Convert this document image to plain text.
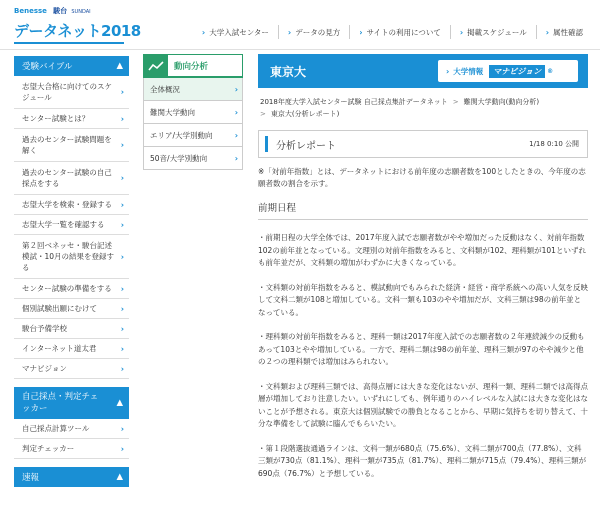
Benesse 駿台 SUNDAI
データネット2018	› 大学入試センター › データの見方 › サイトの利用について › 掲載スケジュール › 属性確認
受験バイブル	▲
志望大合格に向けてのスケジュール
›
センター試験とは？	›
過去のセンター試験問題を解く
›
過去のセンター試験の自己採点をする
›
志望大学を検索・登録する ›
志望大学一覧を確認する ›
第２回ベネッセ・駿台記述模試・10月の結果を登録する
›
センター試験の準備をする ›
個別試験出願にむけて	›
駿台予備学校	›
インターネット道太君	›
マナビジョン	›
自己採点・判定チェッカー
▲
自己採点計算ツール	›
判定チェッカー	›
速報	▲
動向分析
全体概況	›
難関大学動向	›
エリア/大学別動向	›
50音/大学別動向	›
東京大	› 大学情報	マナビジョン	®
2018年度大学入試センター試験 自己採点集計データネット > 難関大学動向(動向分析)
> 東京大(分析レポート)
分析レポート	1/18 0:10 公開
※「対前年指数」とは、データネットにおける前年度の志願者数を100としたときの、今年度の志願者数の割合を示す。
前期日程
・前期日程の大学全体では、2017年度入試で志願者数がやや増加だった反動はなく、対前年指数102の前年並となっている。文理別の対前年指数をみると、文科類が102、理科類が101といずれも前年並だが、文科類の増加がわずかに大きくなっている。
・文科類の対前年指数をみると、模試動向でもみられた経済・経営・商学系統への高い人気を反映して文科二類が108と増加している。文科一類も103のやや増加だが、文科三類は98の前年並となっている。
・理科類の対前年指数をみると、理科一類は2017年度入試での志願者数の２年連続減少の反動もあって103とやや増加している。一方で、理科二類は98の前年並、理科三類が97のやや減少と他の２つの理科類では増加はみられない。
・文科類および理科三類では、高得点層には大きな変化はないが、理科一類、理科二類では高得点層が増加しており注意したい。いずれにしても、例年通りのハイレベルな入試には大きな変化はないことが予想される。東京大は個別試験での勝負となることから、早期に気持ちを切り替えて、十分な準備をして試験に臨んでもらいたい。
・第１段階選抜通過ラインは、文科一類が680点（75.6%）、文科二類が700点（77.8%）、文科三類が730点（81.1%）、理科一類が735点（81.7%）、理科二類が715点（79.4%）、理科三類が690点（76.7%）と予想している。
